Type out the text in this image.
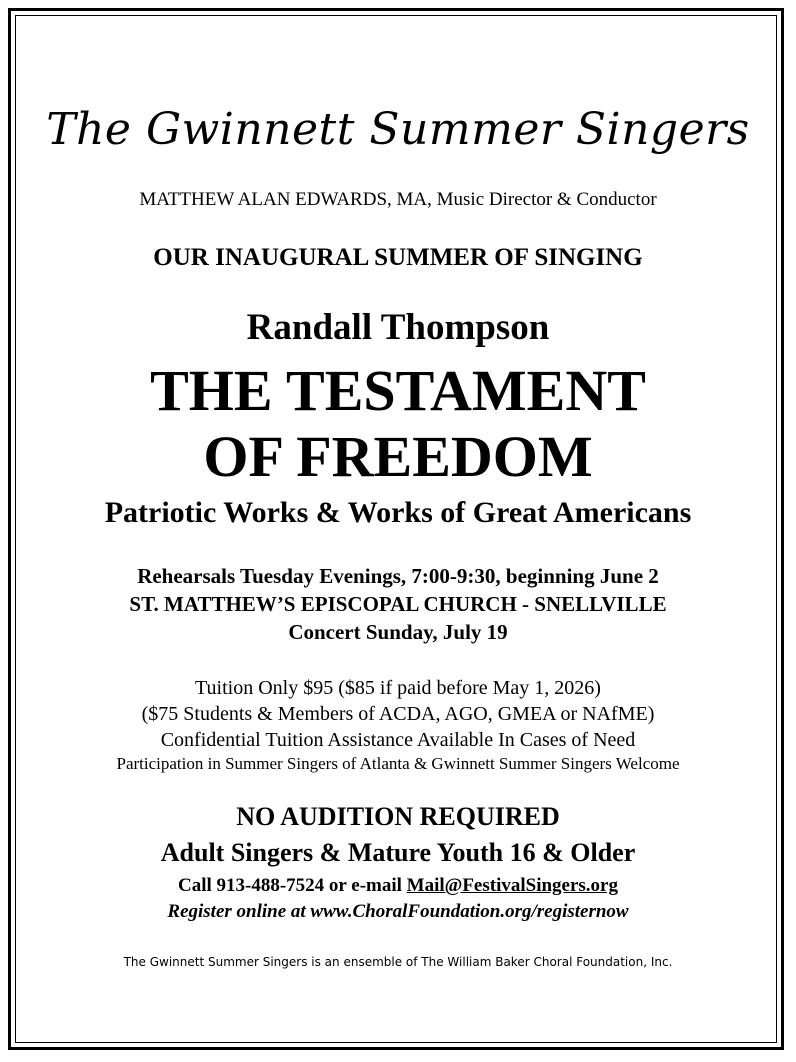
The Gwinnett Summer Singers
MATTHEW ALAN EDWARDS, MA, Music Director & Conductor
OUR INAUGURAL SUMMER OF SINGING
Randall Thompson
THE TESTAMENT
OF FREEDOM
Patriotic Works & Works of Great Americans
Rehearsals Tuesday Evenings, 7:00-9:30, beginning June 2
ST. MATTHEW’S EPISCOPAL CHURCH - SNELLVILLE
Concert Sunday, July 19
Tuition Only $95 ($85 if paid before May 1, 2026)
($75 Students & Members of ACDA, AGO, GMEA or NAfME)
Confidential Tuition Assistance Available In Cases of Need
Participation in Summer Singers of Atlanta & Gwinnett Summer Singers Welcome
NO AUDITION REQUIRED
Adult Singers & Mature Youth 16 & Older
Call 913-488-7524 or e-mail Mail@FestivalSingers.org
Register online at www.ChoralFoundation.org/registernow
The Gwinnett Summer Singers is an ensemble of The William Baker Choral Foundation, Inc.
